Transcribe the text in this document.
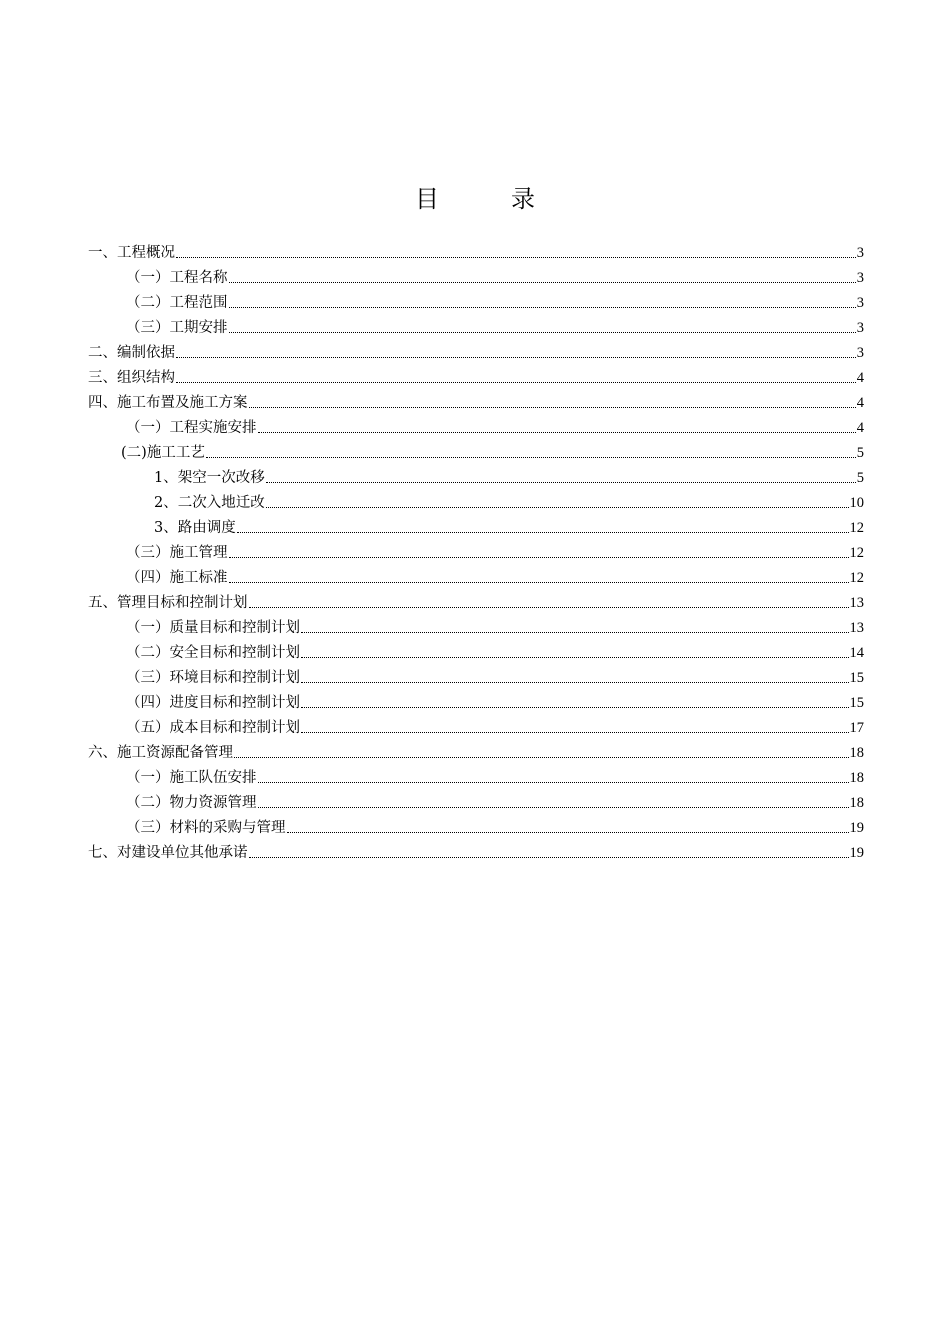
目　　　录
一、工程概况	3
（一）工程名称	3
（二）工程范围	3
（三）工期安排	3
二、编制依据	3
三、组织结构	4
四、施工布置及施工方案	4
（一）工程实施安排	4
(二)施工工艺	5
1、架空一次改移	5
2、二次入地迁改	10
3、路由调度	12
（三）施工管理	12
（四）施工标准	12
五、管理目标和控制计划	13
（一）质量目标和控制计划	13
（二）安全目标和控制计划	14
（三）环境目标和控制计划	15
（四）进度目标和控制计划	15
（五）成本目标和控制计划	17
六、施工资源配备管理	18
（一）施工队伍安排	18
（二）物力资源管理	18
（三）材料的采购与管理	19
七、对建设单位其他承诺	19
